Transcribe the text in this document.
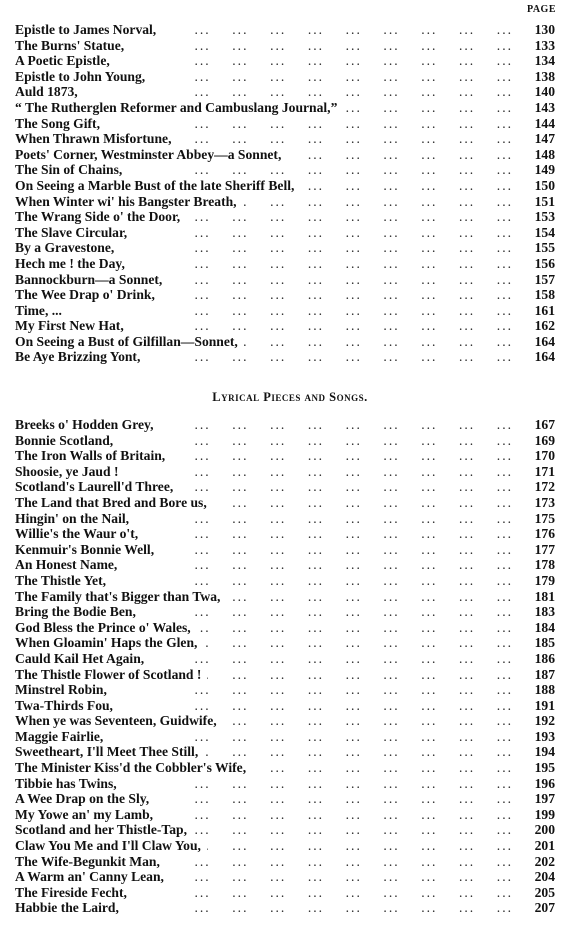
PAGE
...
Epistle to James Norval,	130
...
The Burns' Statue,	133
...
A Poetic Epistle,	134
...
Epistle to John Young,	138
...
Auld 1873,	140
...
“ The Rutherglen Reformer and Cambuslang Journal,”	143
...
The Song Gift,	144
...
When Thrawn Misfortune,	147
...
Poets' Corner, Westminster Abbey—a Sonnet,	148
...
The Sin of Chains,	149
...
On Seeing a Marble Bust of the late Sheriff Bell,	150
...
When Winter wi' his Bangster Breath,	151
...
The Wrang Side o' the Door,	153
...
The Slave Circular,	154
...
By a Gravestone,	155
...
Hech me ! the Day,	156
...
Bannockburn—a Sonnet,	157
...
The Wee Drap o' Drink,	158
...
Time, ...	161
...
My First New Hat,	162
...
On Seeing a Bust of Gilfillan—Sonnet,	164
...
Be Aye Brizzing Yont,	164
Lyrical Pieces and Songs.
...
Breeks o' Hodden Grey,	167
...
Bonnie Scotland,	169
...
The Iron Walls of Britain,	170
...
Shoosie, ye Jaud !	171
...
Scotland's Laurell'd Three,	172
...
The Land that Bred and Bore us,	173
...
Hingin' on the Nail,	175
...
Willie's the Waur o't,	176
...
Kenmuir's Bonnie Well,	177
...
An Honest Name,	178
...
The Thistle Yet,	179
...
The Family that's Bigger than Twa,	181
...
Bring the Bodie Ben,	183
...
God Bless the Prince o' Wales,	184
...
When Gloamin' Haps the Glen,	185
...
Cauld Kail Het Again,	186
...
The Thistle Flower of Scotland !	187
...
Minstrel Robin,	188
...
Twa-Thirds Fou,	191
...
When ye was Seventeen, Guidwife,	192
...
Maggie Fairlie,	193
...
Sweetheart, I'll Meet Thee Still,	194
...
The Minister Kiss'd the Cobbler's Wife,	195
...
Tibbie has Twins,	196
...
A Wee Drap on the Sly,	197
...
My Yowe an' my Lamb,	199
...
Scotland and her Thistle-Tap,	200
...
Claw You Me and I'll Claw You,	201
...
The Wife-Begunkit Man,	202
...
A Warm an' Canny Lean,	204
...
The Fireside Fecht,	205
...
Habbie the Laird,	207
